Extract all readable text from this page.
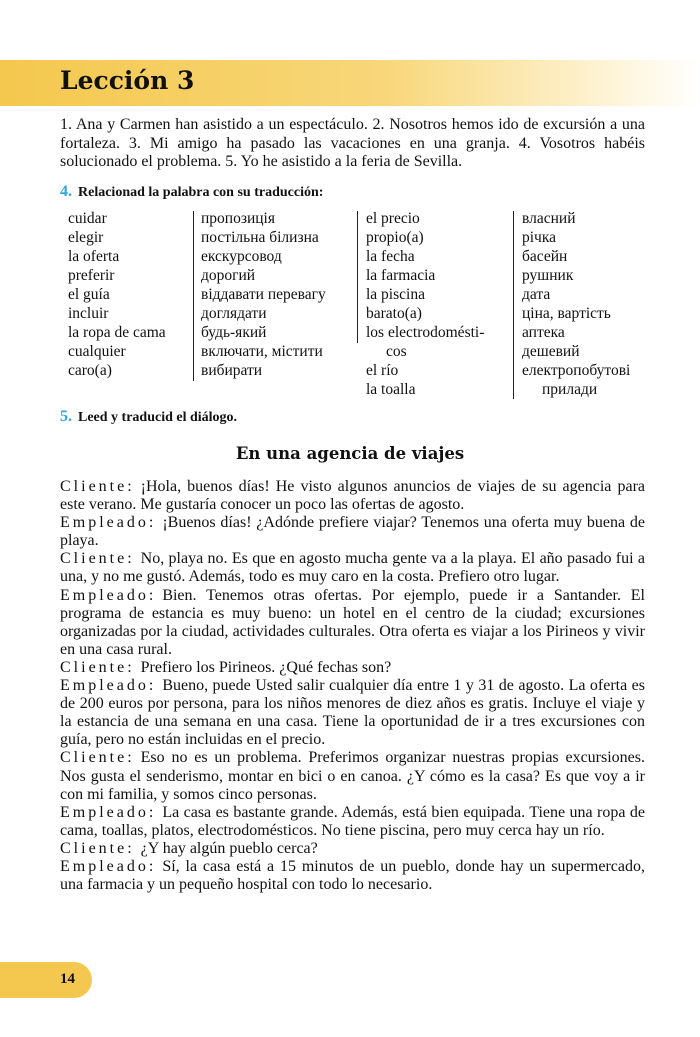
Lección 3
1. Ana y Carmen han asistido a un espectáculo. 2. Nosotros hemos ido de excursión a una fortaleza. 3. Mi amigo ha pasado las vacaciones en una granja. 4. Vosotros habéis solucionado el problema. 5. Yo he asistido a la feria de Sevilla.
4. Relacionad la palabra con su traducción:
cuidar
elegir
la oferta
preferir
el guía
incluir
la ropa de cama
cualquier
caro(a)
пропозиція
постільна білизна
екскурсовод
дорогий
віддавати перевагу
доглядати
будь-який
включати, містити
вибирати
el precio
propio(a)
la fecha
la farmacia
la piscina
barato(a)
los electrodomésti-
cos
el río
la toalla
власний
річка
басейн
рушник
дата
ціна, вартість
аптека
дешевий
електропобутові
прилади
5. Leed y traducid el diálogo.
En una agencia de viajes
Cliente: ¡Hola, buenos días! He visto algunos anuncios de viajes de su agencia para este verano. Me gustaría conocer un poco las ofertas de agosto.
Empleado: ¡Buenos días! ¿Adónde prefiere viajar? Tenemos una oferta muy buena de playa.
Cliente: No, playa no. Es que en agosto mucha gente va a la playa. El año pasado fui a una, y no me gustó. Además, todo es muy caro en la costa. Prefiero otro lugar.
Empleado: Bien. Tenemos otras ofertas. Por ejemplo, puede ir a Santander. El programa de estancia es muy bueno: un hotel en el centro de la ciudad; excursiones organizadas por la ciudad, actividades culturales. Otra oferta es viajar a los Pirineos y vivir en una casa rural.
Cliente: Prefiero los Pirineos. ¿Qué fechas son?
Empleado: Bueno, puede Usted salir cualquier día entre 1 y 31 de agosto. La oferta es de 200 euros por persona, para los niños menores de diez años es gratis. Incluye el viaje y la estancia de una semana en una casa. Tiene la oportunidad de ir a tres excursiones con guía, pero no están incluidas en el precio.
Cliente: Eso no es un problema. Preferimos organizar nuestras propias excursiones. Nos gusta el senderismo, montar en bici o en canoa. ¿Y cómo es la casa? Es que voy a ir con mi familia, y somos cinco personas.
Empleado: La casa es bastante grande. Además, está bien equipada. Tiene una ropa de cama, toallas, platos, electrodomésticos. No tiene piscina, pero muy cerca hay un río.
Cliente: ¿Y hay algún pueblo cerca?
Empleado: Sí, la casa está a 15 minutos de un pueblo, donde hay un supermercado, una farmacia y un pequeño hospital con todo lo necesario.
14
